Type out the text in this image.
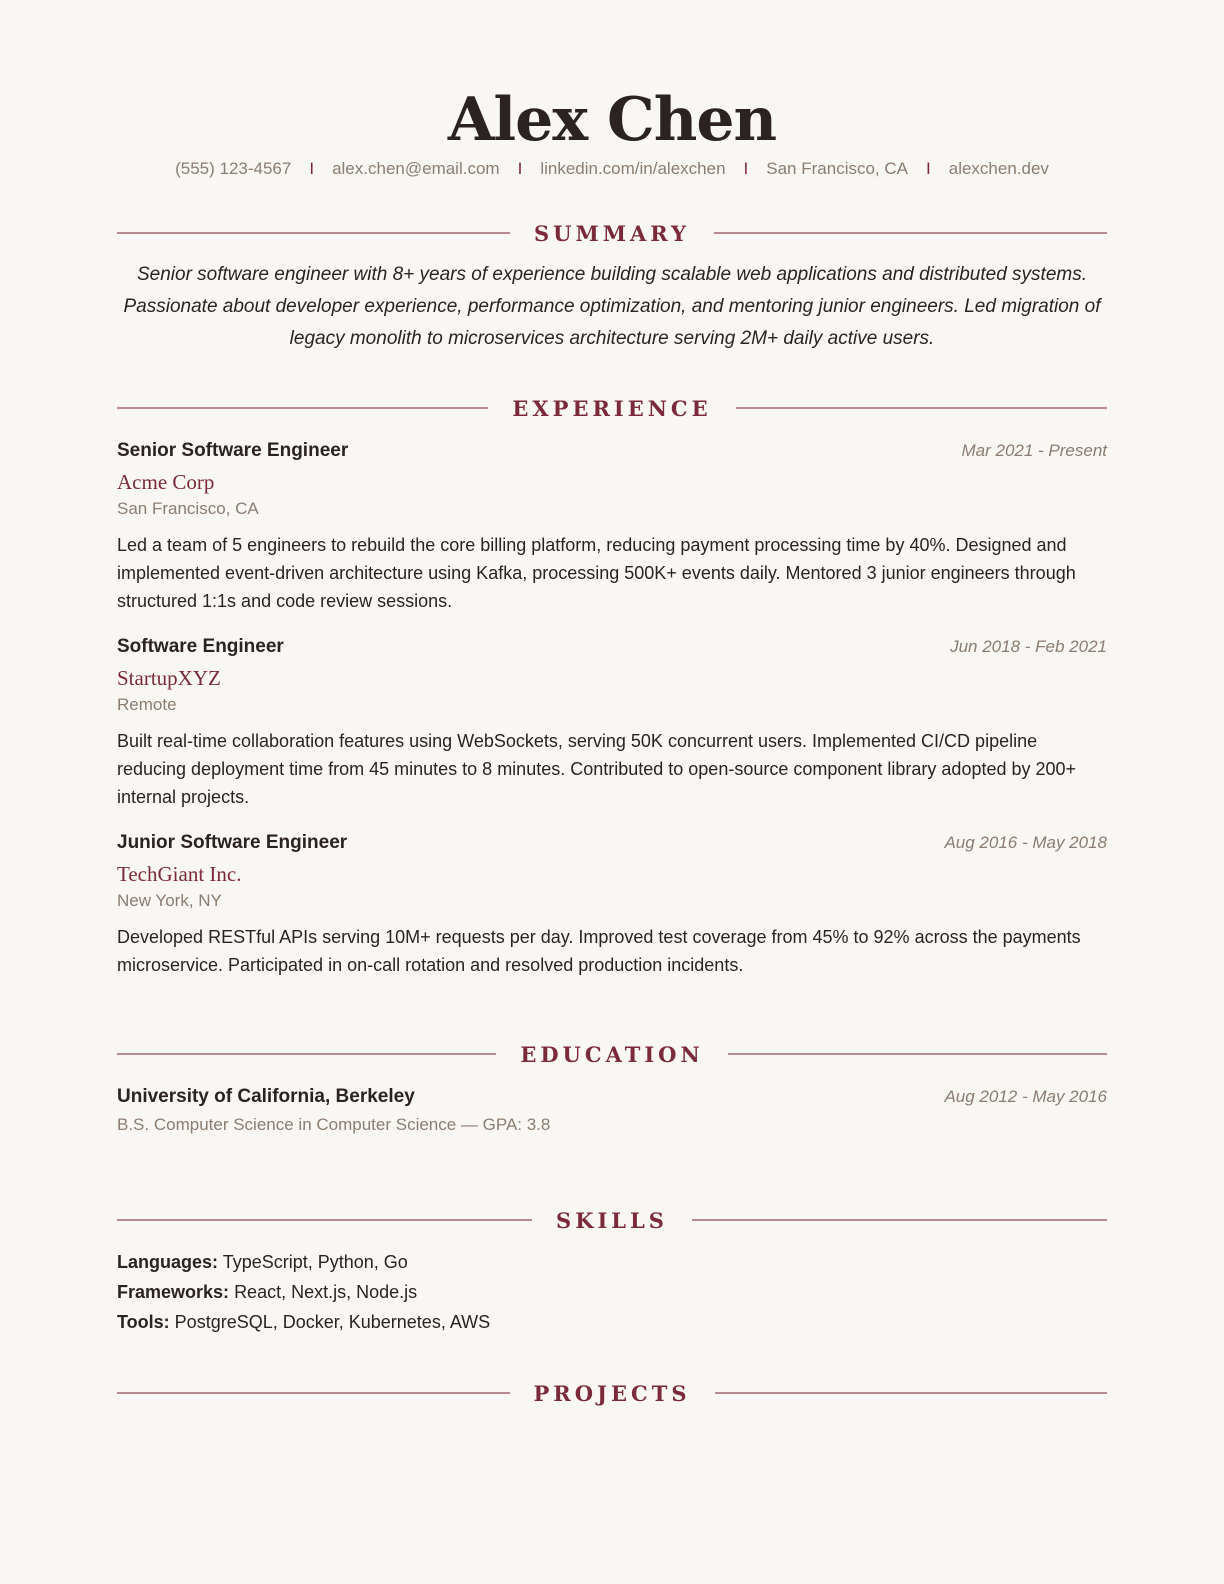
Alex Chen
(555) 123-4567 I alex.chen@email.com I linkedin.com/in/alexchen I San Francisco, CA I alexchen.dev
SUMMARY
Senior software engineer with 8+ years of experience building scalable web applications and distributed systems. Passionate about developer experience, performance optimization, and mentoring junior engineers. Led migration of legacy monolith to microservices architecture serving 2M+ daily active users.
EXPERIENCE
Senior Software Engineer	Mar 2021 - Present
Acme Corp
San Francisco, CA
Led a team of 5 engineers to rebuild the core billing platform, reducing payment processing time by 40%. Designed and implemented event-driven architecture using Kafka, processing 500K+ events daily. Mentored 3 junior engineers through structured 1:1s and code review sessions.
Software Engineer	Jun 2018 - Feb 2021
StartupXYZ
Remote
Built real-time collaboration features using WebSockets, serving 50K concurrent users. Implemented CI/CD pipeline reducing deployment time from 45 minutes to 8 minutes. Contributed to open-source component library adopted by 200+ internal projects.
Junior Software Engineer	Aug 2016 - May 2018
TechGiant Inc.
New York, NY
Developed RESTful APIs serving 10M+ requests per day. Improved test coverage from 45% to 92% across the payments microservice. Participated in on-call rotation and resolved production incidents.
EDUCATION
University of California, Berkeley	Aug 2012 - May 2016
B.S. Computer Science in Computer Science — GPA: 3.8
SKILLS
Languages: TypeScript, Python, Go
Frameworks: React, Next.js, Node.js
Tools: PostgreSQL, Docker, Kubernetes, AWS
PROJECTS
